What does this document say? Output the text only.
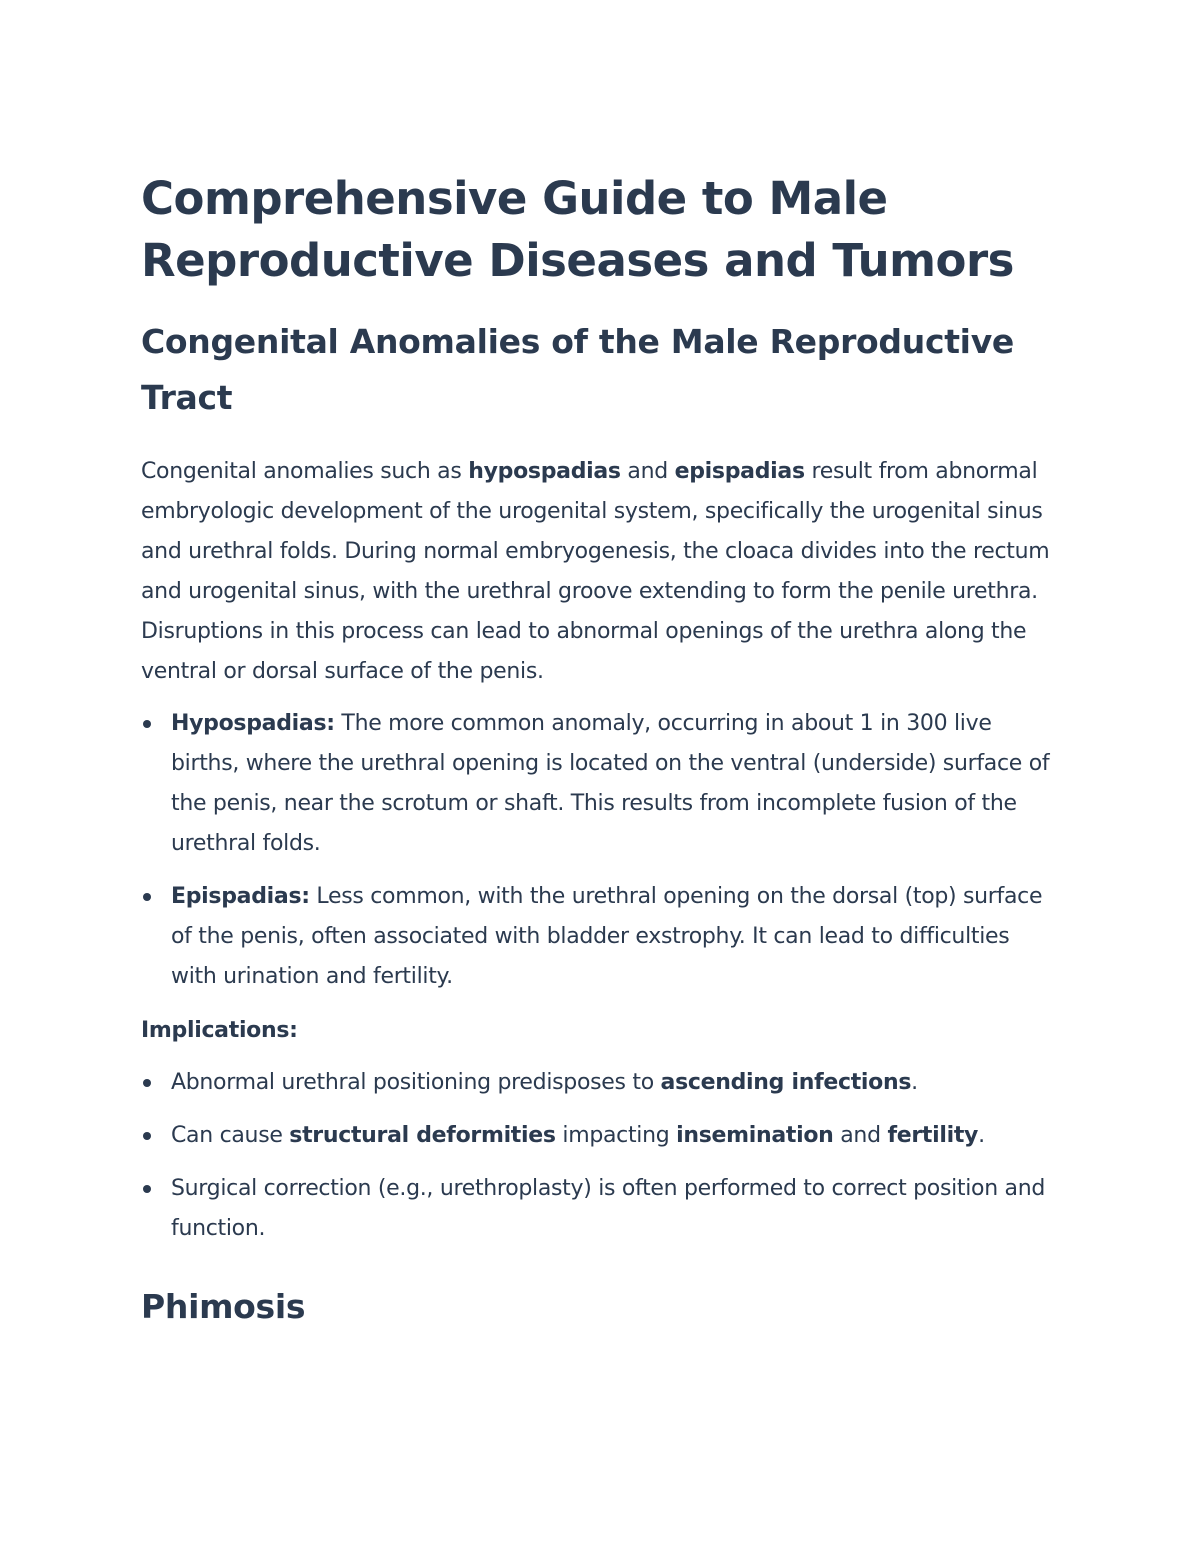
Comprehensive Guide to Male Reproductive Diseases and Tumors
Congenital Anomalies of the Male Reproductive Tract

Congenital anomalies such as hypospadias and epispadias result from abnormal embryologic development of the urogenital system, specifically the urogenital sinus and urethral folds. During normal embryogenesis, the cloaca divides into the rectum and urogenital sinus, with the urethral groove extending to form the penile urethra. Disruptions in this process can lead to abnormal openings of the urethra along the ventral or dorsal surface of the penis.

Hypospadias: The more common anomaly, occurring in about 1 in 300 live births, where the urethral opening is located on the ventral (underside) surface of the penis, near the scrotum or shaft. This results from incomplete fusion of the urethral folds.
Epispadias: Less common, with the urethral opening on the dorsal (top) surface of the penis, often associated with bladder exstrophy. It can lead to difficulties with urination and fertility.

Implications:

Abnormal urethral positioning predisposes to ascending infections.
Can cause structural deformities impacting insemination and fertility.
Surgical correction (e.g., urethroplasty) is often performed to correct position and function.
Phimosis
